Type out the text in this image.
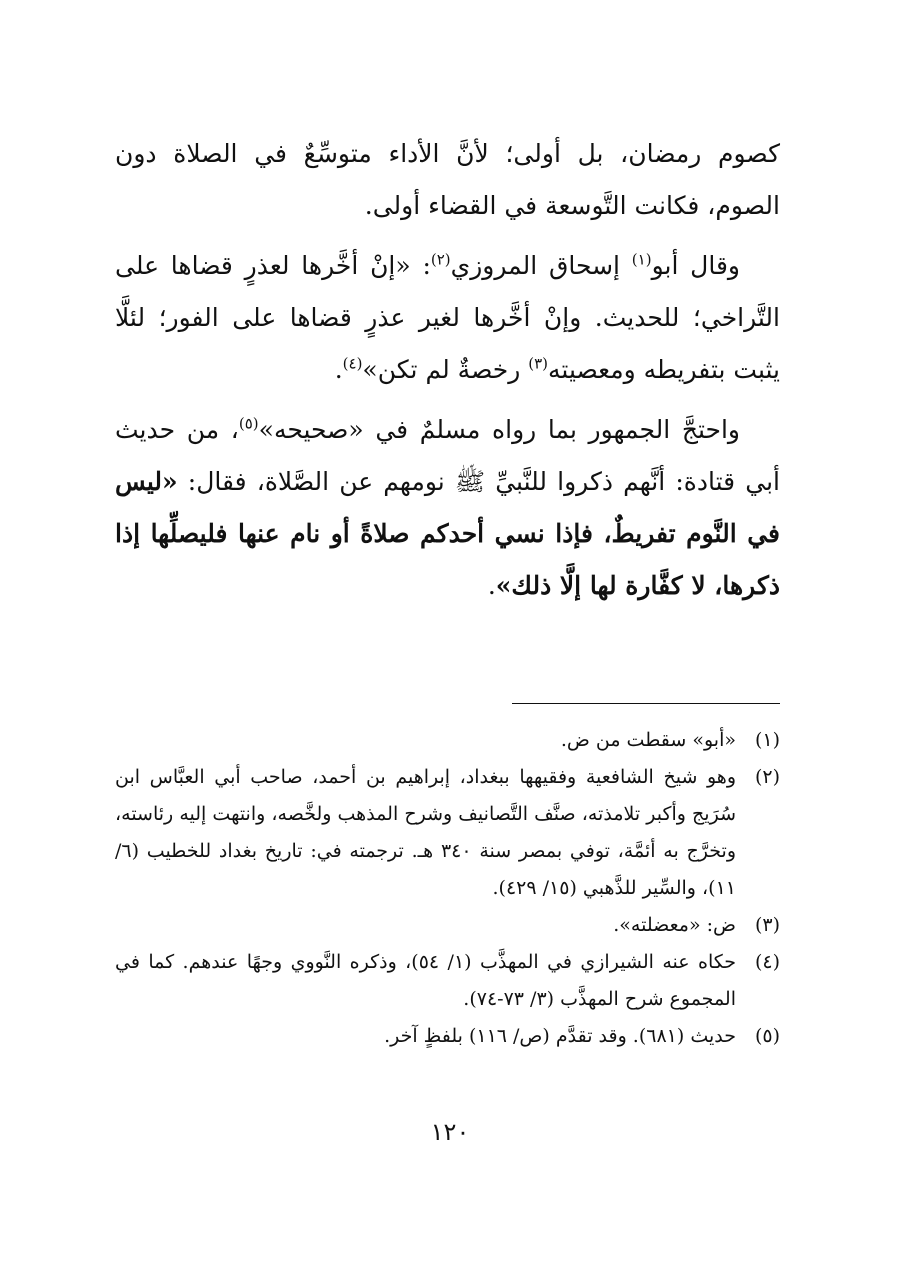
كصوم رمضان، بل أولى؛ لأنَّ الأداء متوسِّعٌ في الصلاة دون الصوم، فكانت التَّوسعة في القضاء أولى.

وقال أبو$^{(١)}$ إسحاق المروزي$^{(٢)}$: «إنْ أخَّرها لعذرٍ قضاها على التَّراخي؛ للحديث. وإنْ أخَّرها لغير عذرٍ قضاها على الفور؛ لئلَّا يثبت بتفريطه ومعصيته$^{(٣)}$ رخصةٌ لم تكن»$^{(٤)}$.

واحتجَّ الجمهور بما رواه مسلمٌ في «صحيحه»$^{(٥)}$، من حديث أبي قتادة: أنَّهم ذكروا للنَّبيِّ ﷺ نومهم عن الصَّلاة، فقال: «ليس في النَّوم تفريطٌ، فإذا نسي أحدكم صلاةً أو نام عنها فليصلِّها إذا ذكرها، لا كفَّارة لها إلَّا ذلك».

(١)
«أبو» سقطت من ض.
(٢)
وهو شيخ الشافعية وفقيهها ببغداد، إبراهيم بن أحمد، صاحب أبي العبَّاس ابن سُرَيج وأكبر تلامذته، صنَّف التَّصانيف وشرح المذهب ولخَّصه، وانتهت إليه رئاسته، وتخرَّج به أئمَّة، توفي بمصر سنة ٣٤٠ هـ. ترجمته في: تاريخ بغداد للخطيب (٦/ ١١)، والسِّير للذَّهبي (١٥/ ٤٢٩).
(٣)
ض: «معضلته».
(٤)
حكاه عنه الشيرازي في المهذَّب (١/ ٥٤)، وذكره النَّووي وجهًا عندهم. كما في المجموع شرح المهذَّب (٣/ ٧٣-٧٤).
(٥)
حديث (٦٨١). وقد تقدَّم (ص/ ١١٦) بلفظٍ آخر.
١٢٠
